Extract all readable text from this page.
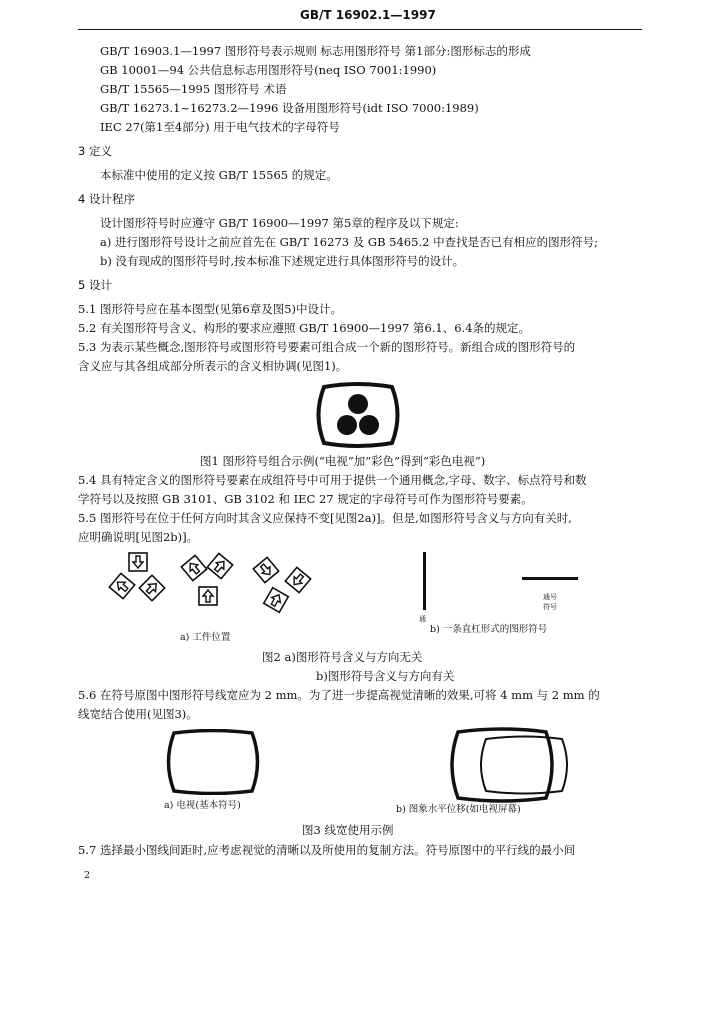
GB/T 16902.1—1997
GB/T 16903.1—1997 图形符号表示规则 标志用图形符号 第1部分:图形标志的形成
GB 10001—94 公共信息标志用图形符号(neq ISO 7001:1990)
GB/T 15565—1995 图形符号 术语
GB/T 16273.1~16273.2—1996 设备用图形符号(idt ISO 7000:1989)
IEC 27(第1至4部分) 用于电气技术的字母符号
3 定义
本标准中使用的定义按 GB/T 15565 的规定。
4 设计程序
设计图形符号时应遵守 GB/T 16900—1997 第5章的程序及以下规定:
a) 进行图形符号设计之前应首先在 GB/T 16273 及 GB 5465.2 中查找是否已有相应的图形符号;
b) 没有现成的图形符号时,按本标准下述规定进行具体图形符号的设计。
5 设计
5.1 图形符号应在基本图型(见第6章及图5)中设计。
5.2 有关图形符号含义、构形的要求应遵照 GB/T 16900—1997 第6.1、6.4条的规定。
5.3 为表示某些概念,图形符号或图形符号要素可组合成一个新的图形符号。新组合成的图形符号的
含义应与其各组成部分所表示的含义相协调(见图1)。
图1 图形符号组合示例(“电视”加“彩色”得到“彩色电视”)
5.4 具有特定含义的图形符号要素在成组符号中可用于提供一个通用概念,字母、数字、标点符号和数
学符号以及按照 GB 3101、GB 3102 和 IEC 27 规定的字母符号可作为图形符号要素。
5.5 图形符号在位于任何方向时其含义应保持不变[见图2a)]。但是,如图形符号含义与方向有关时,
应明确说明[见图2b)]。
a) 工件位置
通
通号
符号
b) 一条直杠形式的图形符号
图2 a)图形符号含义与方向无关
b)图形符号含义与方向有关
5.6 在符号原图中图形符号线宽应为 2 mm。为了进一步提高视觉清晰的效果,可将 4 mm 与 2 mm 的
线宽结合使用(见图3)。
a) 电视(基本符号)	b) 图象水平位移(如电视屏幕)
图3 线宽使用示例
5.7 选择最小图线间距时,应考虑视觉的清晰以及所使用的复制方法。符号原图中的平行线的最小间
2
